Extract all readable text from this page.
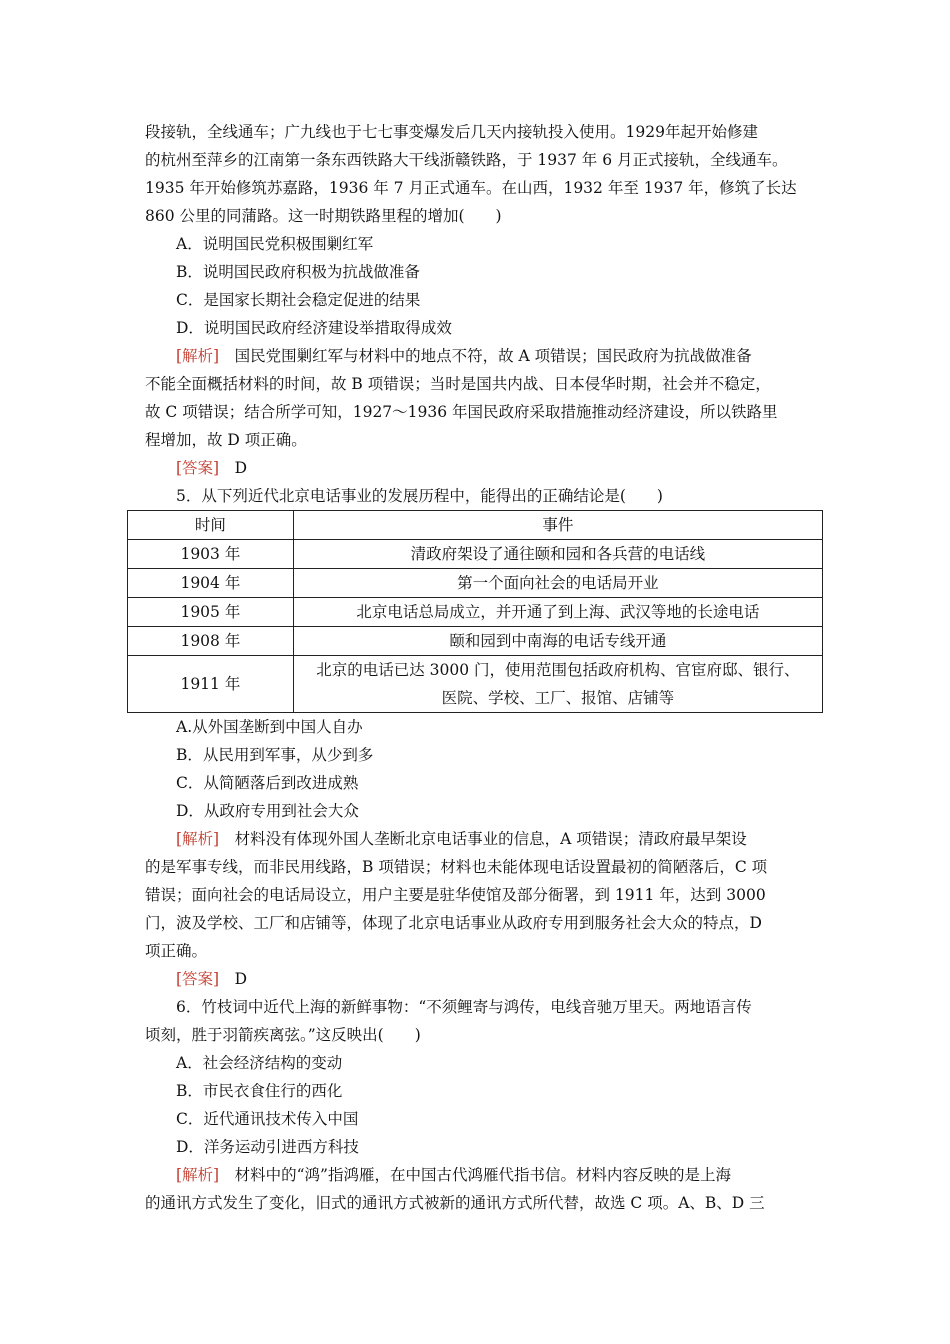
段接轨，全线通车；广九线也于七七事变爆发后几天内接轨投入使用。1929年起开始修建

的杭州至萍乡的江南第一条东西铁路大干线浙赣铁路，于 1937 年 6 月正式接轨，全线通车。

1935 年开始修筑苏嘉路，1936 年 7 月正式通车。在山西，1932 年至 1937 年，修筑了长达

860 公里的同蒲路。这一时期铁路里程的增加(　　)

A．说明国民党积极围剿红军

B．说明国民政府积极为抗战做准备

C．是国家长期社会稳定促进的结果

D．说明国民政府经济建设举措取得成效

[解析]　 国民党围剿红军与材料中的地点不符，故 A 项错误；国民政府为抗战做准备

不能全面概括材料的时间，故 B 项错误；当时是国共内战、日本侵华时期，社会并不稳定，

故 C 项错误；结合所学可知，1927～1936 年国民政府采取措施推动经济建设，所以铁路里

程增加，故 D 项正确。

[答案]　 D

5．从下列近代北京电话事业的发展历程中，能得出的正确结论是(　　)

时间	事件
1903 年	清政府架设了通往颐和园和各兵营的电话线
1904 年	第一个面向社会的电话局开业
1905 年	北京电话总局成立，并开通了到上海、武汉等地的长途电话
1908 年	颐和园到中南海的电话专线开通
1911 年	北京的电话已达 3000 门，使用范围包括政府机构、官宦府邸、银行、
医院、学校、工厂、报馆、店铺等

A.从外国垄断到中国人自办

B．从民用到军事，从少到多

C．从简陋落后到改进成熟

D．从政府专用到社会大众

[解析]　 材料没有体现外国人垄断北京电话事业的信息，A 项错误；清政府最早架设

的是军事专线，而非民用线路，B 项错误；材料也未能体现电话设置最初的简陋落后，C 项

错误；面向社会的电话局设立，用户主要是驻华使馆及部分衙署，到 1911 年，达到 3000

门，波及学校、工厂和店铺等，体现了北京电话事业从政府专用到服务社会大众的特点，D

项正确。

[答案]　 D

6．竹枝词中近代上海的新鲜事物：“不须鲤寄与鸿传，电线音驰万里天。两地语言传

顷刻，胜于羽箭疾离弦。”这反映出(　　)

A．社会经济结构的变动

B．市民衣食住行的西化

C．近代通讯技术传入中国

D．洋务运动引进西方科技

[解析]　 材料中的“鸿”指鸿雁，在中国古代鸿雁代指书信。材料内容反映的是上海

的通讯方式发生了变化，旧式的通讯方式被新的通讯方式所代替，故选 C 项。A、B、D 三
